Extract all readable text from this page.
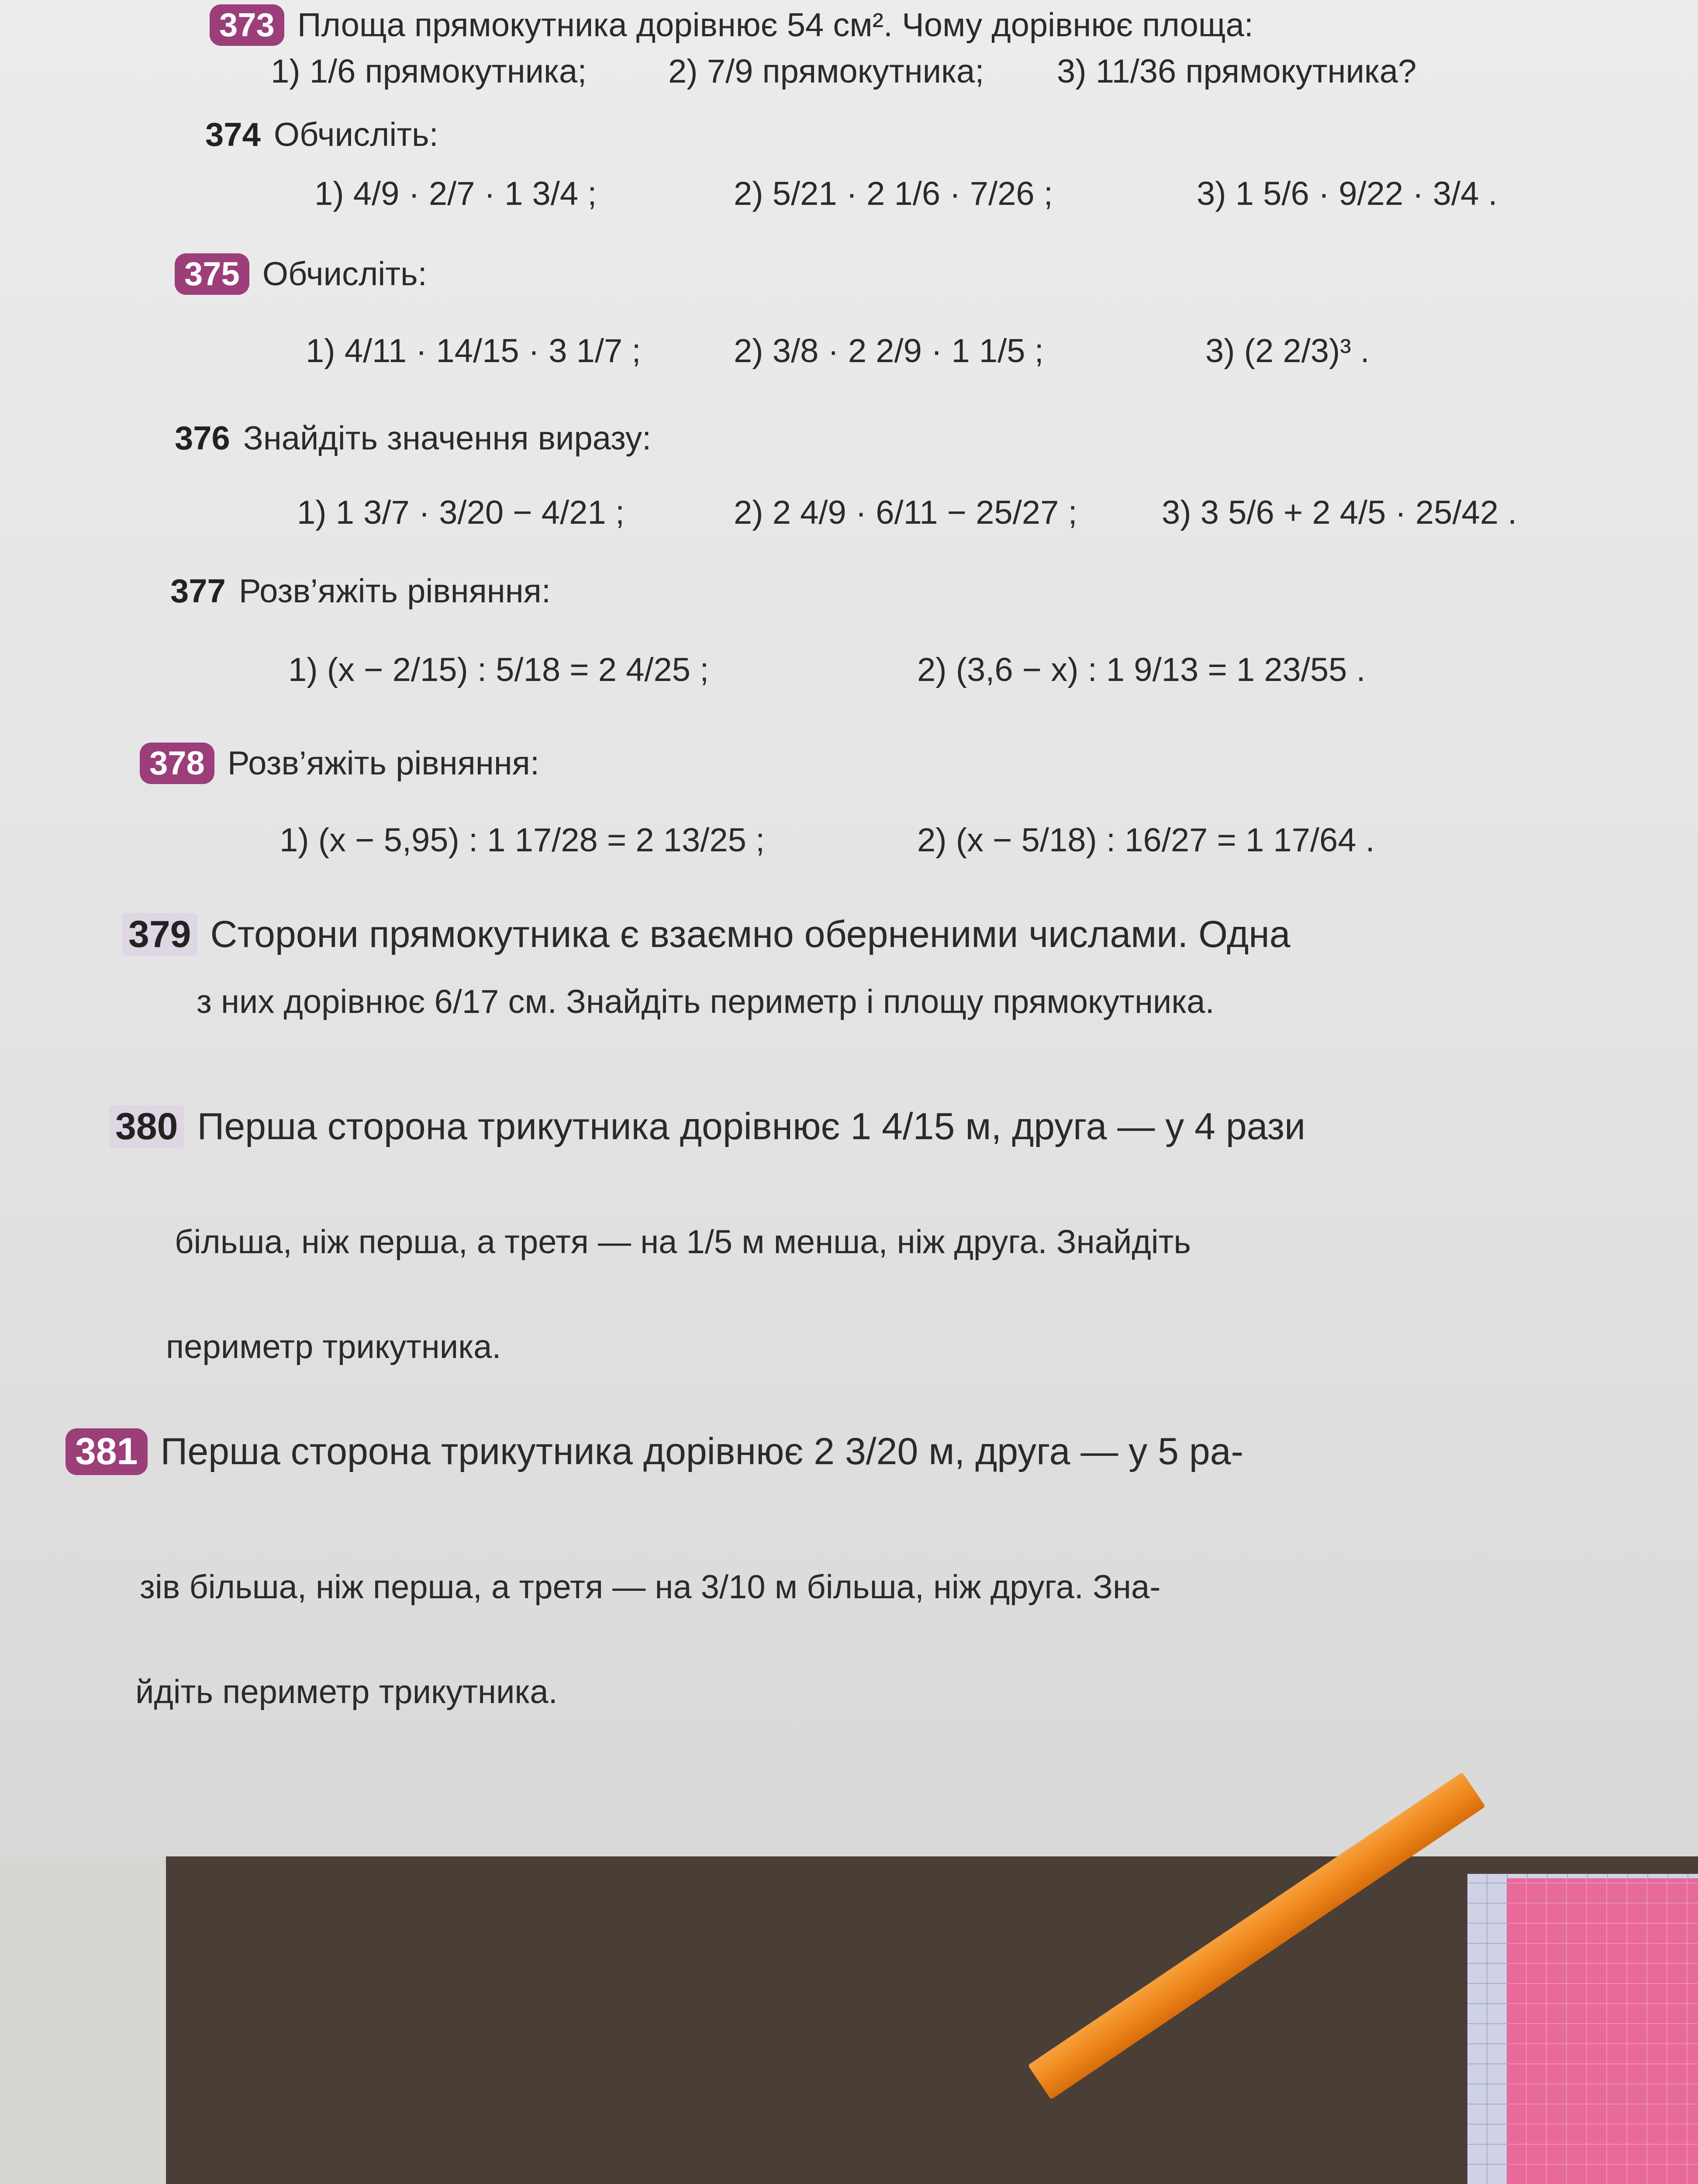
373 Площа прямокутника дорівнює 54 см². Чому дорівнює площа:
1) 1/6 прямокутника; 2) 7/9 прямокутника; 3) 11/36 прямокутника?
374 Обчисліть:
1) 4/9 · 2/7 · 1 3/4 ;	2) 5/21 · 2 1/6 · 7/26 ;	3) 1 5/6 · 9/22 · 3/4 .
375 Обчисліть:
1) 4/11 · 14/15 · 3 1/7 ;	2) 3/8 · 2 2/9 · 1 1/5 ;	3) (2 2/3)³ .
376 Знайдіть значення виразу:
1) 1 3/7 · 3/20 − 4/21 ;	2) 2 4/9 · 6/11 − 25/27 ;	3) 3 5/6 + 2 4/5 · 25/42 .
377 Розв’яжіть рівняння:
1) (x − 2/15) : 5/18 = 2 4/25 ;	2) (3,6 − x) : 1 9/13 = 1 23/55 .
378 Розв’яжіть рівняння:
1) (x − 5,95) : 1 17/28 = 2 13/25 ;	2) (x − 5/18) : 16/27 = 1 17/64 .
379 Сторони прямокутника є взаємно оберненими числами. Одна
з них дорівнює 6/17 см. Знайдіть периметр і площу прямокутника.
380 Перша сторона трикутника дорівнює 1 4/15 м, друга — у 4 рази
більша, ніж перша, а третя — на 1/5 м менша, ніж друга. Знайдіть
периметр трикутника.
381 Перша сторона трикутника дорівнює 2 3/20 м, друга — у 5 ра-
зів більша, ніж перша, а третя — на 3/10 м більша, ніж друга. Зна-
йдіть периметр трикутника.
